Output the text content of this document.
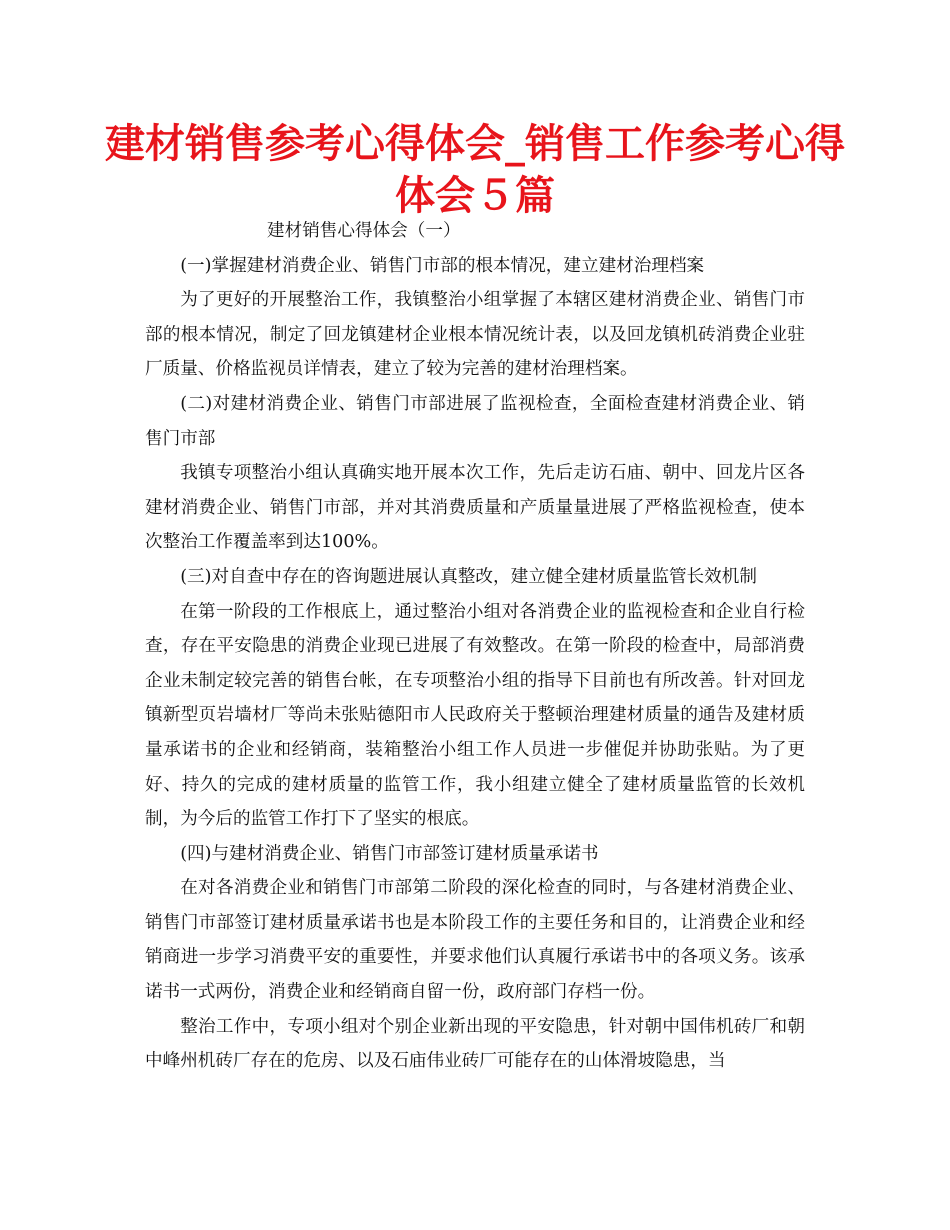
建材销售参考心得体会_销售工作参考心得体会５篇

建材销售心得体会（一）

(一)掌握建材消费企业、销售门市部的根本情况，建立建材治理档案

为了更好的开展整治工作，我镇整治小组掌握了本辖区建材消费企业、销售门市部的根本情况，制定了回龙镇建材企业根本情况统计表，以及回龙镇机砖消费企业驻厂质量、价格监视员详情表，建立了较为完善的建材治理档案。

(二)对建材消费企业、销售门市部进展了监视检查，全面检查建材消费企业、销售门市部

我镇专项整治小组认真确实地开展本次工作，先后走访石庙、朝中、回龙片区各建材消费企业、销售门市部，并对其消费质量和产质量量进展了严格监视检查，使本次整治工作覆盖率到达100%。

(三)对自查中存在的咨询题进展认真整改，建立健全建材质量监管长效机制

在第一阶段的工作根底上，通过整治小组对各消费企业的监视检查和企业自行检查，存在平安隐患的消费企业现已进展了有效整改。在第一阶段的检查中，局部消费企业未制定较完善的销售台帐，在专项整治小组的指导下目前也有所改善。针对回龙镇新型页岩墙材厂等尚未张贴德阳市人民政府关于整顿治理建材质量的通告及建材质量承诺书的企业和经销商，装箱整治小组工作人员进一步催促并协助张贴。为了更好、持久的完成的建材质量的监管工作，我小组建立健全了建材质量监管的长效机制，为今后的监管工作打下了坚实的根底。

(四)与建材消费企业、销售门市部签订建材质量承诺书

在对各消费企业和销售门市部第二阶段的深化检查的同时，与各建材消费企业、销售门市部签订建材质量承诺书也是本阶段工作的主要任务和目的，让消费企业和经销商进一步学习消费平安的重要性，并要求他们认真履行承诺书中的各项义务。该承诺书一式两份，消费企业和经销商自留一份，政府部门存档一份。

整治工作中，专项小组对个别企业新出现的平安隐患，针对朝中国伟机砖厂和朝中峰州机砖厂存在的危房、以及石庙伟业砖厂可能存在的山体滑坡隐患，当
